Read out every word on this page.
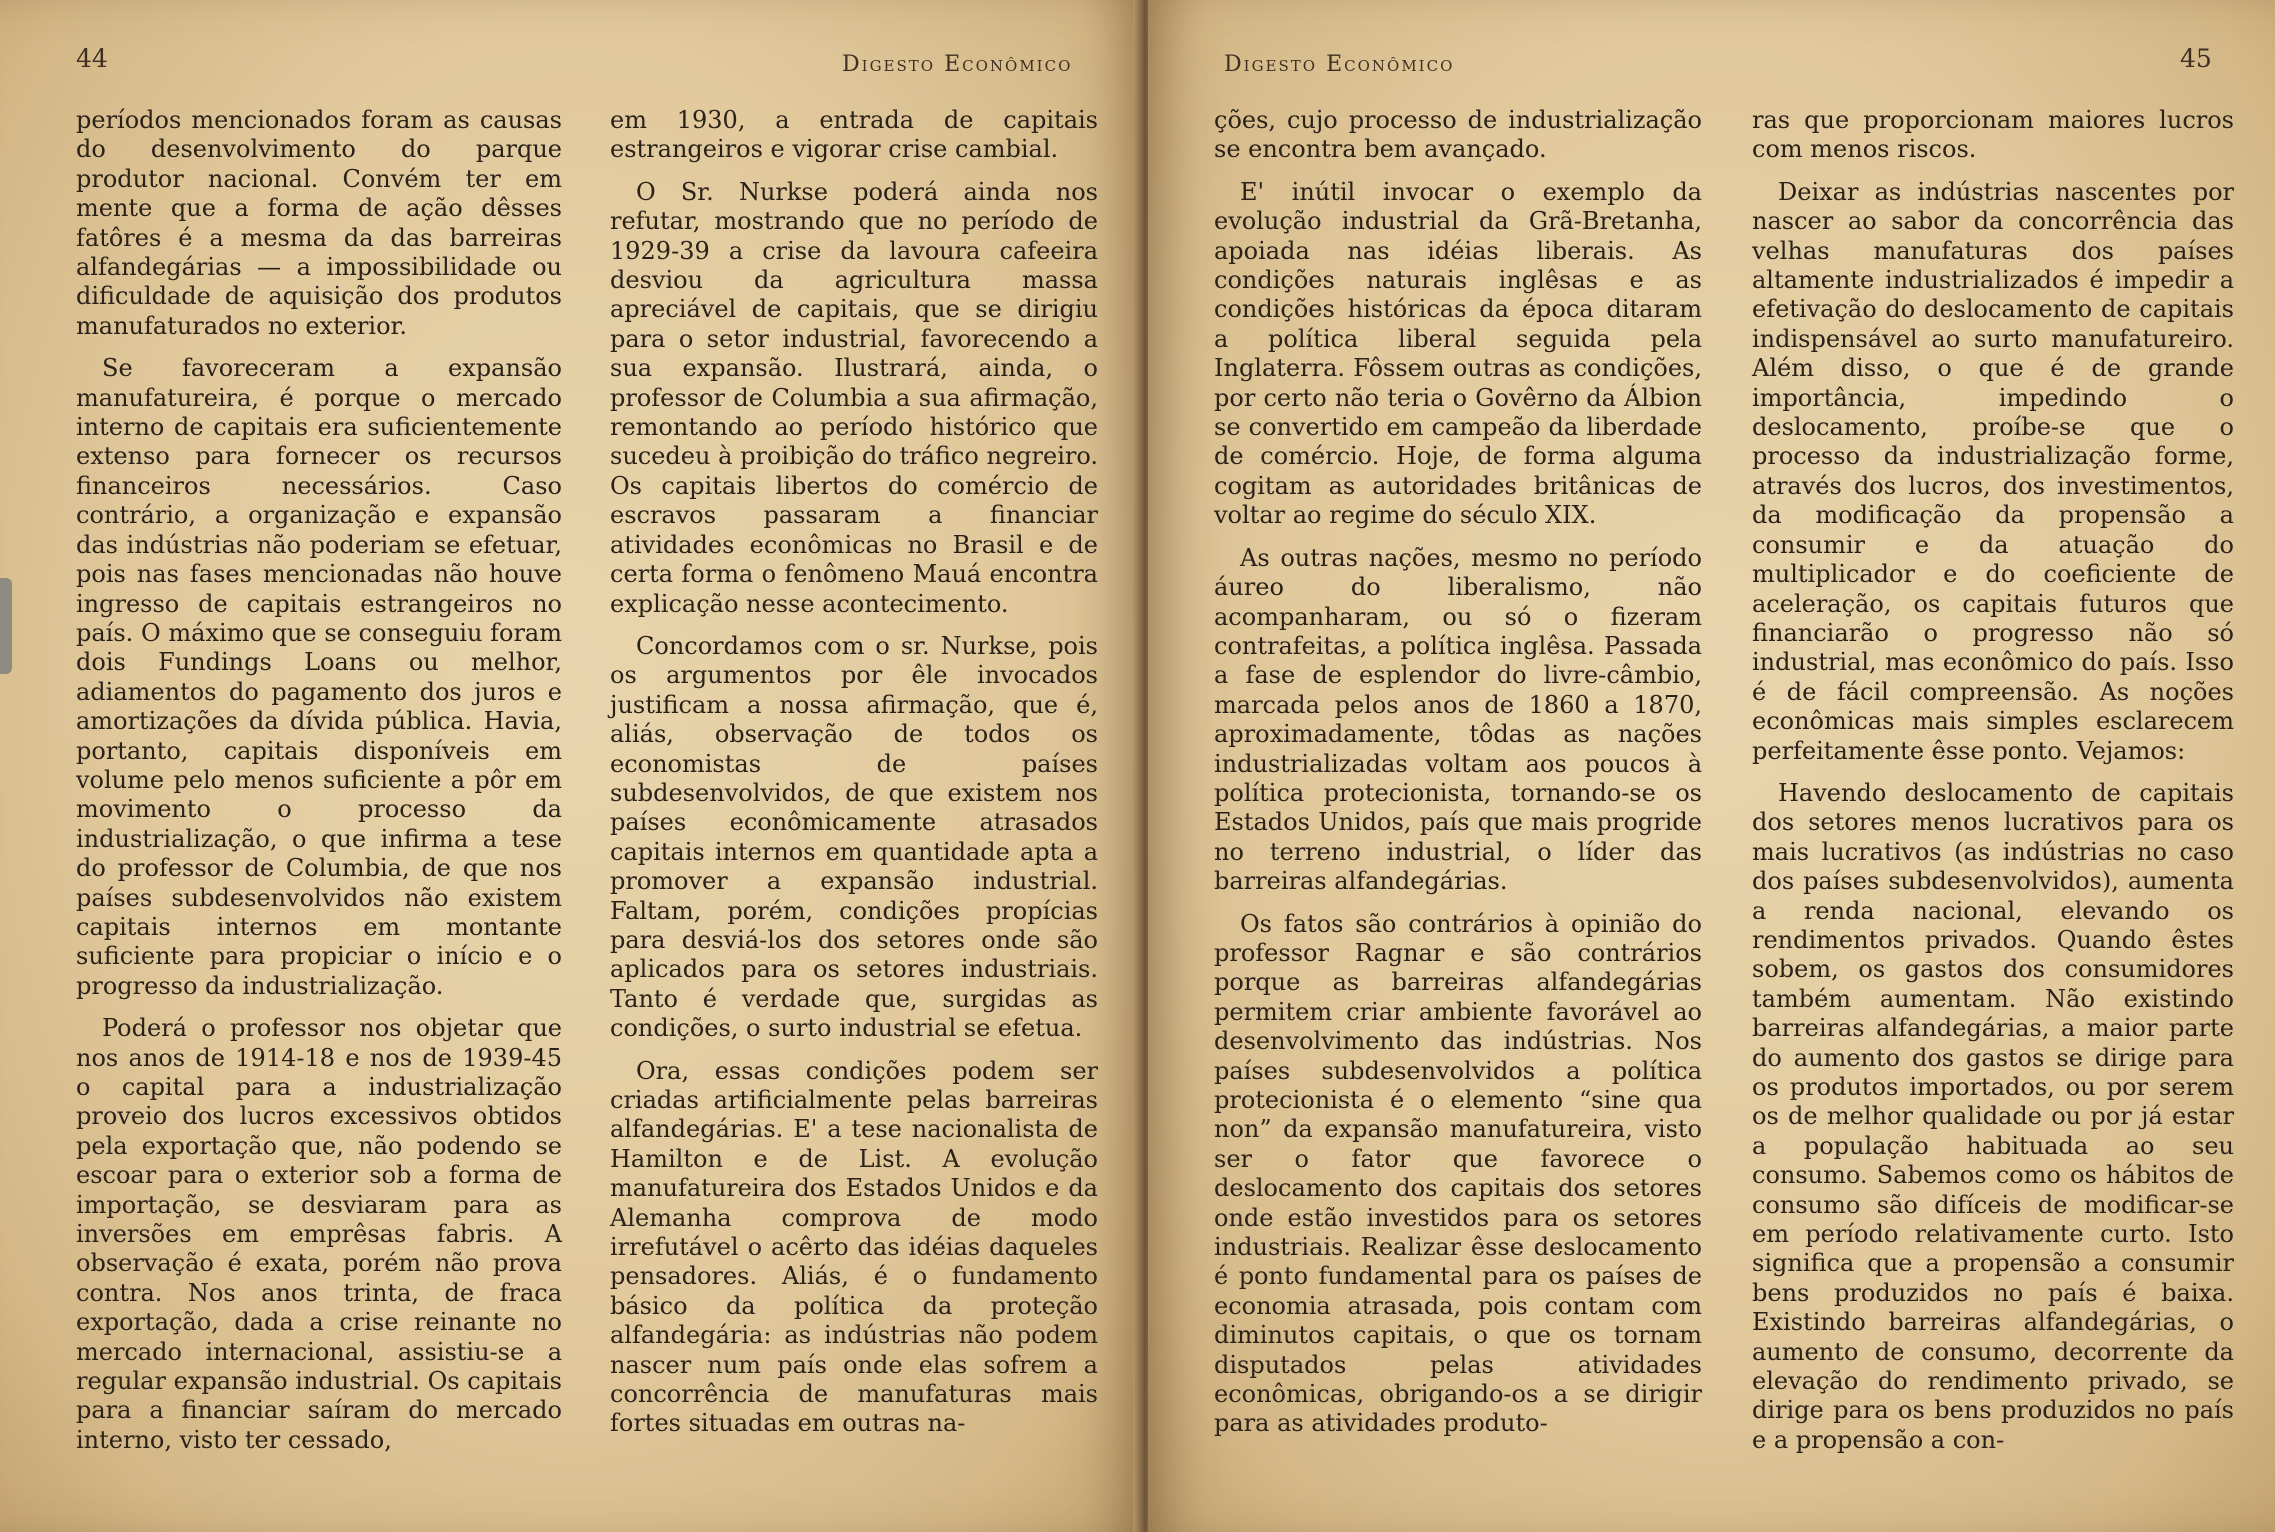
44	Digesto Econômico

períodos mencionados foram as causas do desenvolvimento do parque produtor nacional. Convém ter em mente que a forma de ação dêsses fatôres é a mesma da das barreiras alfandegárias — a impossibilidade ou dificuldade de aquisição dos produtos manufaturados no exterior.

Se favoreceram a expansão manufatureira, é porque o mercado interno de capitais era suficientemente extenso para fornecer os recursos financeiros necessários. Caso contrário, a organização e expansão das indústrias não poderiam se efetuar, pois nas fases mencionadas não houve ingresso de capitais estrangeiros no país. O máximo que se conseguiu foram dois Fundings Loans ou melhor, adiamentos do pagamento dos juros e amortizações da dívida pública. Havia, portanto, capitais disponíveis em volume pelo menos suficiente a pôr em movimento o processo da industrialização, o que infirma a tese do professor de Columbia, de que nos países subdesenvolvidos não existem capitais internos em montante suficiente para propiciar o início e o progresso da industrialização.

Poderá o professor nos objetar que nos anos de 1914-18 e nos de 1939-45 o capital para a industrialização proveio dos lucros excessivos obtidos pela exportação que, não podendo se escoar para o exterior sob a forma de importação, se desviaram para as inversões em emprêsas fabris. A observação é exata, porém não prova contra. Nos anos trinta, de fraca exportação, dada a crise reinante no mercado internacional, assistiu-se a regular expansão industrial. Os capitais para a financiar saíram do mercado interno, visto ter cessado,

em 1930, a entrada de capitais estrangeiros e vigorar crise cambial.

O Sr. Nurkse poderá ainda nos refutar, mostrando que no período de 1929-39 a crise da lavoura cafeeira desviou da agricultura massa apreciável de capitais, que se dirigiu para o setor industrial, favorecendo a sua expansão. Ilustrará, ainda, o professor de Columbia a sua afirmação, remontando ao período histórico que sucedeu à proibição do tráfico negreiro. Os capitais libertos do comércio de escravos passaram a financiar atividades econômicas no Brasil e de certa forma o fenômeno Mauá encontra explicação nesse acontecimento.

Concordamos com o sr. Nurkse, pois os argumentos por êle invocados justificam a nossa afirmação, que é, aliás, observação de todos os economistas de países subdesenvolvidos, de que existem nos países econômicamente atrasados capitais internos em quantidade apta a promover a expansão industrial. Faltam, porém, condições propícias para desviá-los dos setores onde são aplicados para os setores industriais. Tanto é verdade que, surgidas as condições, o surto industrial se efetua.

Ora, essas condições podem ser criadas artificialmente pelas barreiras alfandegárias. E' a tese nacionalista de Hamilton e de List. A evolução manufatureira dos Estados Unidos e da Alemanha comprova de modo irrefutável o acêrto das idéias daqueles pensadores. Aliás, é o fundamento básico da política da proteção alfandegária: as indústrias não podem nascer num país onde elas sofrem a concorrência de manufaturas mais fortes situadas em outras na-

Digesto Econômico	45

ções, cujo processo de industrialização se encontra bem avançado.

E' inútil invocar o exemplo da evolução industrial da Grã-Bretanha, apoiada nas idéias liberais. As condições naturais inglêsas e as condições históricas da época ditaram a política liberal seguida pela Inglaterra. Fôssem outras as condições, por certo não teria o Govêrno da Álbion se convertido em campeão da liberdade de comércio. Hoje, de forma alguma cogitam as autoridades britânicas de voltar ao regime do século XIX.

As outras nações, mesmo no período áureo do liberalismo, não acompanharam, ou só o fizeram contrafeitas, a política inglêsa. Passada a fase de esplendor do livre-câmbio, marcada pelos anos de 1860 a 1870, aproximadamente, tôdas as nações industrializadas voltam aos poucos à política protecionista, tornando-se os Estados Unidos, país que mais progride no terreno industrial, o líder das barreiras alfandegárias.

Os fatos são contrários à opinião do professor Ragnar e são contrários porque as barreiras alfandegárias permitem criar ambiente favorável ao desenvolvimento das indústrias. Nos países subdesenvolvidos a política protecionista é o elemento “sine qua non” da expansão manufatureira, visto ser o fator que favorece o deslocamento dos capitais dos setores onde estão investidos para os setores industriais. Realizar êsse deslocamento é ponto fundamental para os países de economia atrasada, pois contam com diminutos capitais, o que os tornam disputados pelas atividades econômicas, obrigando-os a se dirigir para as atividades produto-

ras que proporcionam maiores lucros com menos riscos.

Deixar as indústrias nascentes por nascer ao sabor da concorrência das velhas manufaturas dos países altamente industrializados é impedir a efetivação do deslocamento de capitais indispensável ao surto manufatureiro. Além disso, o que é de grande importância, impedindo o deslocamento, proíbe-se que o processo da industrialização forme, através dos lucros, dos investimentos, da modificação da propensão a consumir e da atuação do multiplicador e do coeficiente de aceleração, os capitais futuros que financiarão o progresso não só industrial, mas econômico do país. Isso é de fácil compreensão. As noções econômicas mais simples esclarecem perfeitamente êsse ponto. Vejamos:

Havendo deslocamento de capitais dos setores menos lucrativos para os mais lucrativos (as indústrias no caso dos países subdesenvolvidos), aumenta a renda nacional, elevando os rendimentos privados. Quando êstes sobem, os gastos dos consumidores também aumentam. Não existindo barreiras alfandegárias, a maior parte do aumento dos gastos se dirige para os produtos importados, ou por serem os de melhor qualidade ou por já estar a população habituada ao seu consumo. Sabemos como os hábitos de consumo são difíceis de modificar-se em período relativamente curto. Isto significa que a propensão a consumir bens produzidos no país é baixa. Existindo barreiras alfandegárias, o aumento de consumo, decorrente da elevação do rendimento privado, se dirige para os bens produzidos no país e a propensão a con-
